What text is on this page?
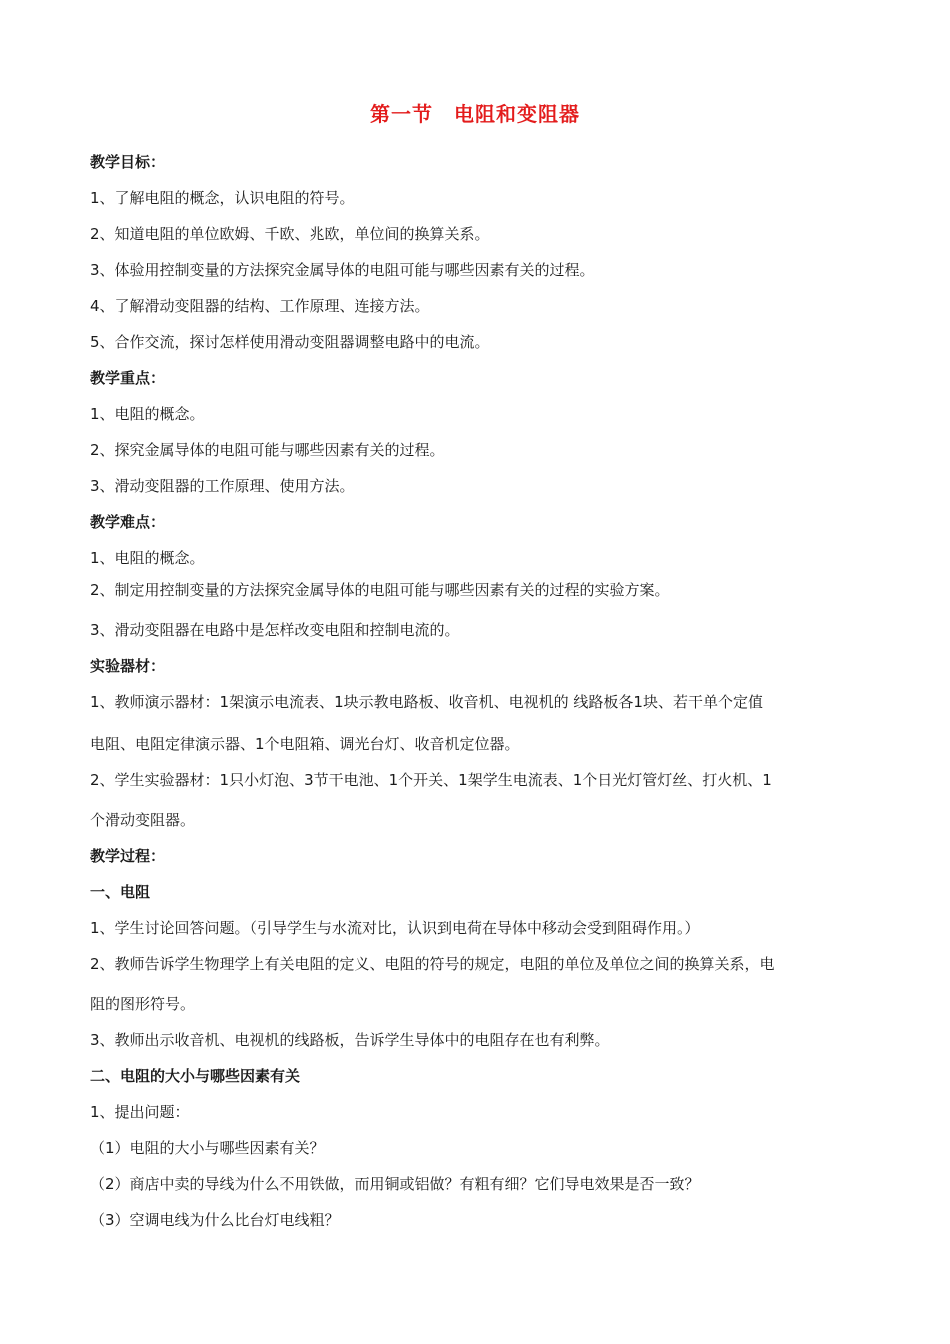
第一节　电阻和变阻器
教学目标：
1、了解电阻的概念，认识电阻的符号。
2、知道电阻的单位欧姆、千欧、兆欧，单位间的换算关系。
3、体验用控制变量的方法探究金属导体的电阻可能与哪些因素有关的过程。
4、了解滑动变阻器的结构、工作原理、连接方法。
5、合作交流，探讨怎样使用滑动变阻器调整电路中的电流。
教学重点：
1、电阻的概念。
2、探究金属导体的电阻可能与哪些因素有关的过程。
3、滑动变阻器的工作原理、使用方法。
教学难点：
1、电阻的概念。
2、制定用控制变量的方法探究金属导体的电阻可能与哪些因素有关的过程的实验方案。
3、滑动变阻器在电路中是怎样改变电阻和控制电流的。
实验器材：
1、教师演示器材：1架演示电流表、1块示教电路板、收音机、电视机的 线路板各1块、若干单个定值
电阻、电阻定律演示器、1个电阻箱、调光台灯、收音机定位器。
2、学生实验器材：1只小灯泡、3节干电池、1个开关、1架学生电流表、1个日光灯管灯丝、打火机、1
个滑动变阻器。
教学过程：
一、电阻
1、学生讨论回答问题。（引导学生与水流对比，认识到电荷在导体中移动会受到阻碍作用。）
2、教师告诉学生物理学上有关电阻的定义、电阻的符号的规定，电阻的单位及单位之间的换算关系，电
阻的图形符号。
3、教师出示收音机、电视机的线路板，告诉学生导体中的电阻存在也有利弊。
二、电阻的大小与哪些因素有关
1、提出问题：
（1）电阻的大小与哪些因素有关？
（2）商店中卖的导线为什么不用铁做，而用铜或铝做？有粗有细？它们导电效果是否一致？
（3）空调电线为什么比台灯电线粗？
